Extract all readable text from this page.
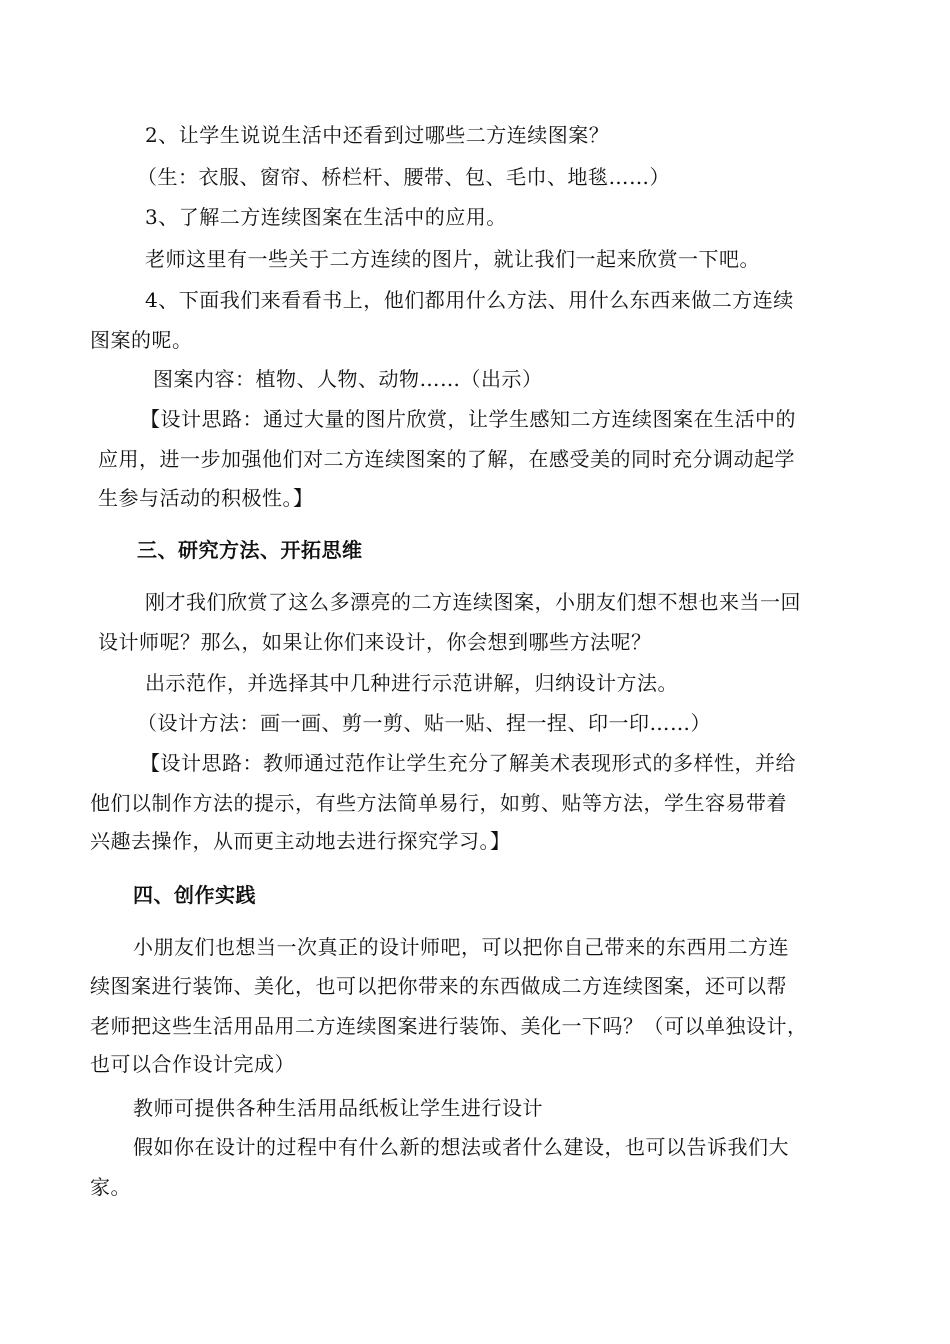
2、让学生说说生活中还看到过哪些二方连续图案？
（生：衣服、窗帘、桥栏杆、腰带、包、毛巾、地毯……）
3、了解二方连续图案在生活中的应用。
老师这里有一些关于二方连续的图片，就让我们一起来欣赏一下吧。
4、下面我们来看看书上，他们都用什么方法、用什么东西来做二方连续
图案的呢。
图案内容：植物、人物、动物……（出示）
【设计思路：通过大量的图片欣赏，让学生感知二方连续图案在生活中的
应用，进一步加强他们对二方连续图案的了解，在感受美的同时充分调动起学
生参与活动的积极性。】
三、研究方法、开拓思维
刚才我们欣赏了这么多漂亮的二方连续图案，小朋友们想不想也来当一回
设计师呢？那么，如果让你们来设计，你会想到哪些方法呢？
出示范作，并选择其中几种进行示范讲解，归纳设计方法。
（设计方法：画一画、剪一剪、贴一贴、捏一捏、印一印……）
【设计思路：教师通过范作让学生充分了解美术表现形式的多样性，并给
他们以制作方法的提示，有些方法简单易行，如剪、贴等方法，学生容易带着
兴趣去操作，从而更主动地去进行探究学习。】
四、创作实践
小朋友们也想当一次真正的设计师吧，可以把你自己带来的东西用二方连
续图案进行装饰、美化，也可以把你带来的东西做成二方连续图案，还可以帮
老师把这些生活用品用二方连续图案进行装饰、美化一下吗？（可以单独设计，
也可以合作设计完成）
教师可提供各种生活用品纸板让学生进行设计
假如你在设计的过程中有什么新的想法或者什么建设，也可以告诉我们大
家。
